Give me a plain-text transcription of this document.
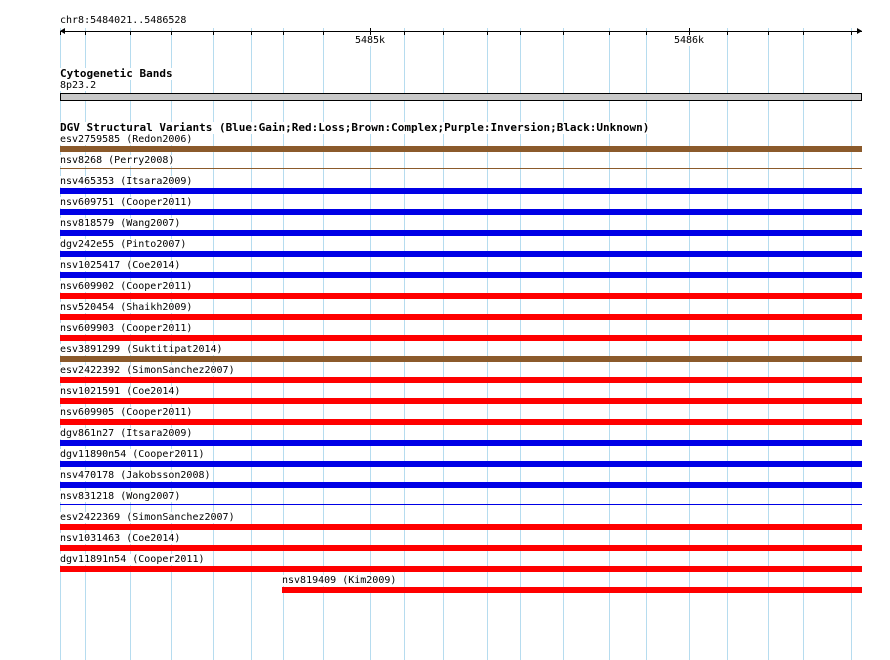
chr8:5484021..5486528
5485k	5486k
Cytogenetic Bands
8p23.2
DGV Structural Variants (Blue:Gain;Red:Loss;Brown:Complex;Purple:Inversion;Black:Unknown)
esv2759585 (Redon2006)
nsv8268 (Perry2008)
nsv465353 (Itsara2009)
nsv609751 (Cooper2011)
nsv818579 (Wang2007)
dgv242e55 (Pinto2007)
nsv1025417 (Coe2014)
nsv609902 (Cooper2011)
nsv520454 (Shaikh2009)
nsv609903 (Cooper2011)
esv3891299 (Suktitipat2014)
esv2422392 (SimonSanchez2007)
nsv1021591 (Coe2014)
nsv609905 (Cooper2011)
dgv861n27 (Itsara2009)
dgv11890n54 (Cooper2011)
nsv470178 (Jakobsson2008)
nsv831218 (Wong2007)
esv2422369 (SimonSanchez2007)
nsv1031463 (Coe2014)
dgv11891n54 (Cooper2011)
nsv819409 (Kim2009)
